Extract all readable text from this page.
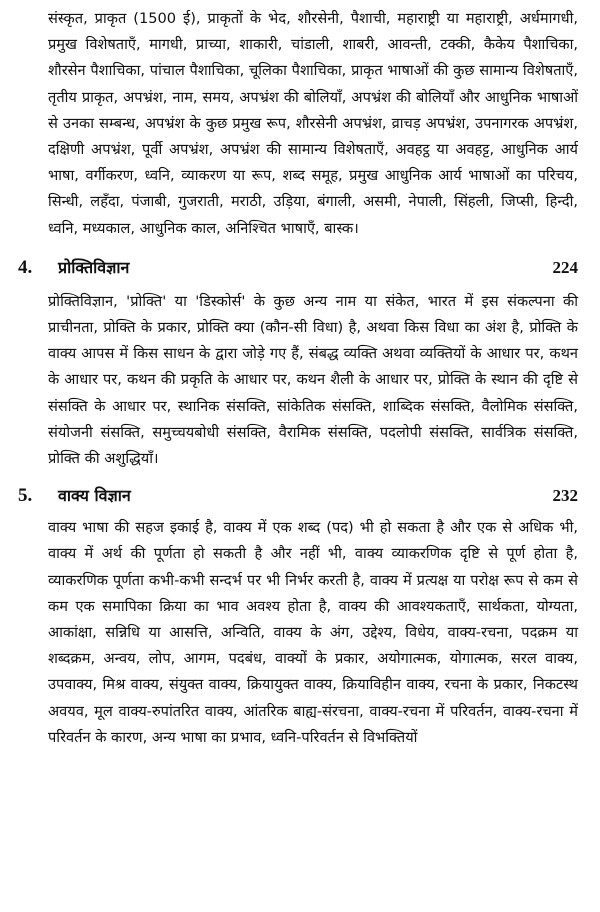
संस्कृत, प्राकृत (1500 ई), प्राकृतों के भेद, शौरसेनी, पैशाची, महाराष्ट्री या महाराष्ट्री, अर्धमागधी, प्रमुख विशेषताएँ, मागधी, प्राच्या, शाकारी, चांडाली, शाबरी, आवन्ती, टक्की, कैकेय पैशाचिका, शौरसेन पैशाचिका, पांचाल पैशाचिका, चूलिका पैशाचिका, प्राकृत भाषाओं की कुछ सामान्य विशेषताएँ, तृतीय प्राकृत, अपभ्रंश, नाम, समय, अपभ्रंश की बोलियाँ, अपभ्रंश की बोलियाँ और आधुनिक भाषाओं से उनका सम्बन्ध, अपभ्रंश के कुछ प्रमुख रूप, शौरसेनी अपभ्रंश, व्राचड़ अपभ्रंश, उपनागरक अपभ्रंश, दक्षिणी अपभ्रंश, पूर्वी अपभ्रंश, अपभ्रंश की सामान्य विशेषताएँ, अवहट्ठ या अवहट्ट, आधुनिक आर्य भाषा, वर्गीकरण, ध्वनि, व्याकरण या रूप, शब्द समूह, प्रमुख आधुनिक आर्य भाषाओं का परिचय, सिन्धी, लहँदा, पंजाबी, गुजराती, मराठी, उड़िया, बंगाली, असमी, नेपाली, सिंहली, जिप्सी, हिन्दी, ध्वनि, मध्यकाल, आधुनिक काल, अनिश्चित भाषाएँ, बास्क।

4.	प्रोक्तिविज्ञान	224

प्रोक्तिविज्ञान, 'प्रोक्ति' या 'डिस्कोर्स' के कुछ अन्य नाम या संकेत, भारत में इस संकल्पना की प्राचीनता, प्रोक्ति के प्रकार, प्रोक्ति क्या (कौन-सी विधा) है, अथवा किस विधा का अंश है, प्रोक्ति के वाक्य आपस में किस साधन के द्वारा जोड़े गए हैं, संबद्ध व्यक्ति अथवा व्यक्तियों के आधार पर, कथन के आधार पर, कथन की प्रकृति के आधार पर, कथन शैली के आधार पर, प्रोक्ति के स्थान की दृष्टि से संसक्ति के आधार पर, स्थानिक संसक्ति, सांकेतिक संसक्ति, शाब्दिक संसक्ति, वैलोमिक संसक्ति, संयोजनी संसक्ति, समुच्चयबोधी संसक्ति, वैरामिक संसक्ति, पदलोपी संसक्ति, सार्वत्रिक संसक्ति, प्रोक्ति की अशुद्धियाँ।

5.	वाक्य विज्ञान	232

वाक्य भाषा की सहज इकाई है, वाक्य में एक शब्द (पद) भी हो सकता है और एक से अधिक भी, वाक्य में अर्थ की पूर्णता हो सकती है और नहीं भी, वाक्य व्याकरणिक दृष्टि से पूर्ण होता है, व्याकरणिक पूर्णता कभी-कभी सन्दर्भ पर भी निर्भर करती है, वाक्य में प्रत्यक्ष या परोक्ष रूप से कम से कम एक समापिका क्रिया का भाव अवश्य होता है, वाक्य की आवश्यकताएँ, सार्थकता, योग्यता, आकांक्षा, सन्निधि या आसत्ति, अन्विति, वाक्य के अंग, उद्देश्य, विधेय, वाक्य-रचना, पदक्रम या शब्दक्रम, अन्वय, लोप, आगम, पदबंध, वाक्यों के प्रकार, अयोगात्मक, योगात्मक, सरल वाक्य, उपवाक्य, मिश्र वाक्य, संयुक्त वाक्य, क्रियायुक्त वाक्य, क्रियाविहीन वाक्य, रचना के प्रकार, निकटस्थ अवयव, मूल वाक्य-रुपांतरित वाक्य, आंतरिक बाह्य-संरचना, वाक्य-रचना में परिवर्तन, वाक्य-रचना में परिवर्तन के कारण, अन्य भाषा का प्रभाव, ध्वनि-परिवर्तन से विभक्तियों
